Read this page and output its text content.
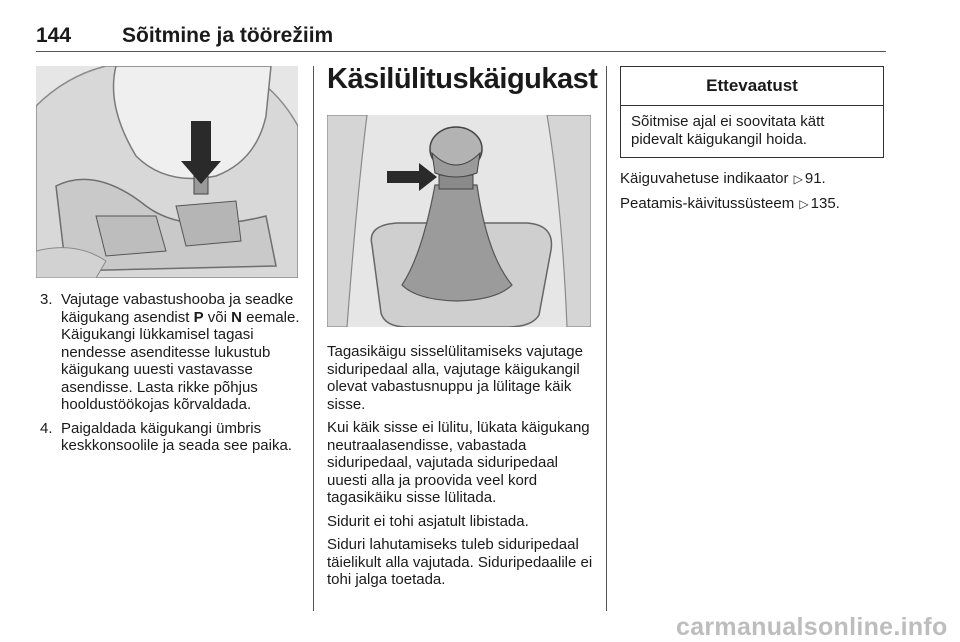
144 Sõitmine ja töörežiim
3. Vajutage vabastushooba ja seadke käigukang asendist P või N eemale. Käigukangi lükkamisel tagasi nendesse asenditesse lukustub käigukang uuesti vastavasse asendisse. Lasta rikke põhjus hooldustöökojas kõrvaldada.
4. Paigaldada käigukangi ümbris keskkonsoolile ja seada see paika.
Käsilülituskäigukast

Tagasikäigu sisselülitamiseks vajutage siduripedaal alla, vajutage käigukangil olevat vabastusnuppu ja lülitage käik sisse.

Kui käik sisse ei lülitu, lükata käigukang neutraalasendisse, vabastada siduripedaal, vajutada siduripedaal uuesti alla ja proovida veel kord tagasikäiku sisse lülitada.

Sidurit ei tohi asjatult libistada.

Siduri lahutamiseks tuleb siduripedaal täielikult alla vajutada. Siduripedaalile ei tohi jalga toetada.

Ettevaatust
Sõitmise ajal ei soovitata kätt pidevalt käigukangil hoida.

Käiguvahetuse indikaator ▷ 91.

Peatamis-käivitussüsteem ▷ 135.

carmanualsonline.info
